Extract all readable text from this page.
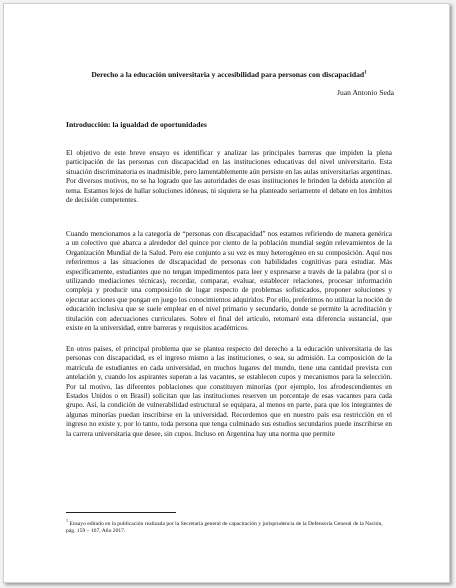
Derecho a la educación universitaria y accesibilidad para personas con discapacidad$^1$
Juan Antonio Seda
Introducción: la igualdad de oportunidades

El objetivo de este breve ensayo es identificar y analizar las principales barreras que impiden la plena participación de las personas con discapacidad en las instituciones educativas del nivel universitario. Esta situación discriminatoria es inadmisible, pero lamentablemente aún persiste en las aulas universitarias argentinas. Por diversos motivos, no se ha logrado que las autoridades de esas instituciones le brinden la debida atención al tema. Estamos lejos de hallar soluciones idóneas, ni siquiera se ha planteado seriamente el debate en los ámbitos de decisión competentes.

Cuando mencionamos a la categoría de “personas con discapacidad” nos estamos refiriendo de manera genérica a un colectivo que abarca a alrededor del quince por ciento de la población mundial según relevamientos de la Organización Mundial de la Salud. Pero ese conjunto a su vez es muy heterogéneo en su composición. Aquí nos referiremos a las situaciones de discapacidad de personas con habilidades cognitivas para estudiar. Más específicamente, estudiantes que no tengan impedimentos para leer y expresarse a través de la palabra (por sí o utilizando mediaciones técnicas), recordar, comparar, evaluar, establecer relaciones, procesar información compleja y producir una composición de lugar respecto de problemas sofisticados, proponer soluciones y ejecutar acciones que pongan en juego los conocimientos adquiridos. Por ello, preferimos no utilizar la noción de educación inclusiva que se suele emplear en el nivel primario y secundario, donde se permite la acreditación y titulación con adecuaciones curriculares. Sobre el final del artículo, retomaré esta diferencia sustancial, que existe en la universidad, entre barreras y requisitos académicos.

En otros países, el principal problema que se plantea respecto del derecho a la educación universitaria de las personas con discapacidad, es el ingreso mismo a las instituciones, o sea, su admisión. La composición de la matrícula de estudiantes en cada universidad, en muchos lugares del mundo, tiene una cantidad prevista con antelación y, cuando los aspirantes superan a las vacantes, se establecen cupos y mecanismos para la selección. Por tal motivo, las diferentes poblaciones que constituyen minorías (por ejemplo, los afrodescendientes en Estados Unidos o en Brasil) solicitan que las instituciones reserven un porcentaje de esas vacantes para cada grupo. Así, la condición de vulnerabilidad estructural se equipara, al menos en parte, para que los integrantes de algunas minorías puedan inscribirse en la universidad. Recordemos que en nuestro país esa restricción en el ingreso no existe y, por lo tanto, toda persona que tenga culminado sus estudios secundarios puede inscribirse en la carrera universitaria que desee, sin cupos. Incluso en Argentina hay una norma que permite

$^1$ Ensayo editado en la publicación realizada por la Secretaría general de capacitación y jurisprudencia de la Defensoría General de la Nación, pág. 159 – 167, Año 2017.
